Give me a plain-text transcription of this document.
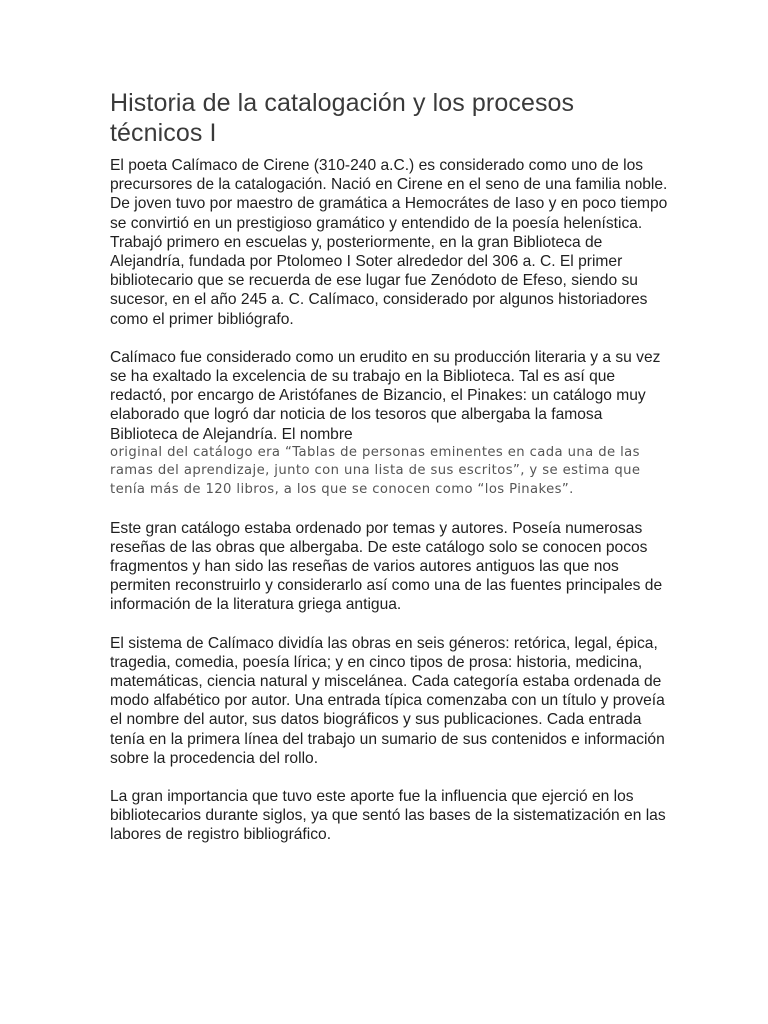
Historia de la catalogación y los procesos técnicos I

El poeta Calímaco de Cirene (310-240 a.C.) es considerado como uno de los precursores de la catalogación. Nació en Cirene en el seno de una familia noble. De joven tuvo por maestro de gramática a Hemocrátes de Iaso y en poco tiempo se convirtió en un prestigioso gramático y entendido de la poesía helenística.

Trabajó primero en escuelas y, posteriormente, en la gran Biblioteca de Alejandría, fundada por Ptolomeo I Soter alrededor del 306 a. C. El primer bibliotecario que se recuerda de ese lugar fue Zenódoto de Efeso, siendo su sucesor, en el año 245 a. C. Calímaco, considerado por algunos historiadores como el primer bibliógrafo.

Calímaco fue considerado como un erudito en su producción literaria y a su vez se ha exaltado la excelencia de su trabajo en la Biblioteca. Tal es así que redactó, por encargo de Aristófanes de Bizancio, el Pinakes: un catálogo muy elaborado que logró dar noticia de los tesoros que albergaba la famosa Biblioteca de Alejandría. El nombre
original del catálogo era “Tablas de personas eminentes en cada una de las ramas del aprendizaje, junto con una lista de sus escritos”, y se estima que tenía más de 120 libros, a los que se conocen como “los Pinakes”.

Este gran catálogo estaba ordenado por temas y autores. Poseía numerosas reseñas de las obras que albergaba. De este catálogo solo se conocen pocos fragmentos y han sido las reseñas de varios autores antiguos las que nos permiten reconstruirlo y considerarlo así como una de las fuentes principales de información de la literatura griega antigua.

El sistema de Calímaco dividía las obras en seis géneros: retórica, legal, épica, tragedia, comedia, poesía lírica; y en cinco tipos de prosa: historia, medicina, matemáticas, ciencia natural y miscelánea. Cada categoría estaba ordenada de modo alfabético por autor. Una entrada típica comenzaba con un título y proveía el nombre del autor, sus datos biográficos y sus publicaciones. Cada entrada tenía en la primera línea del trabajo un sumario de sus contenidos e información sobre la procedencia del rollo.

La gran importancia que tuvo este aporte fue la influencia que ejerció en los bibliotecarios durante siglos, ya que sentó las bases de la sistematización en las labores de registro bibliográfico.
